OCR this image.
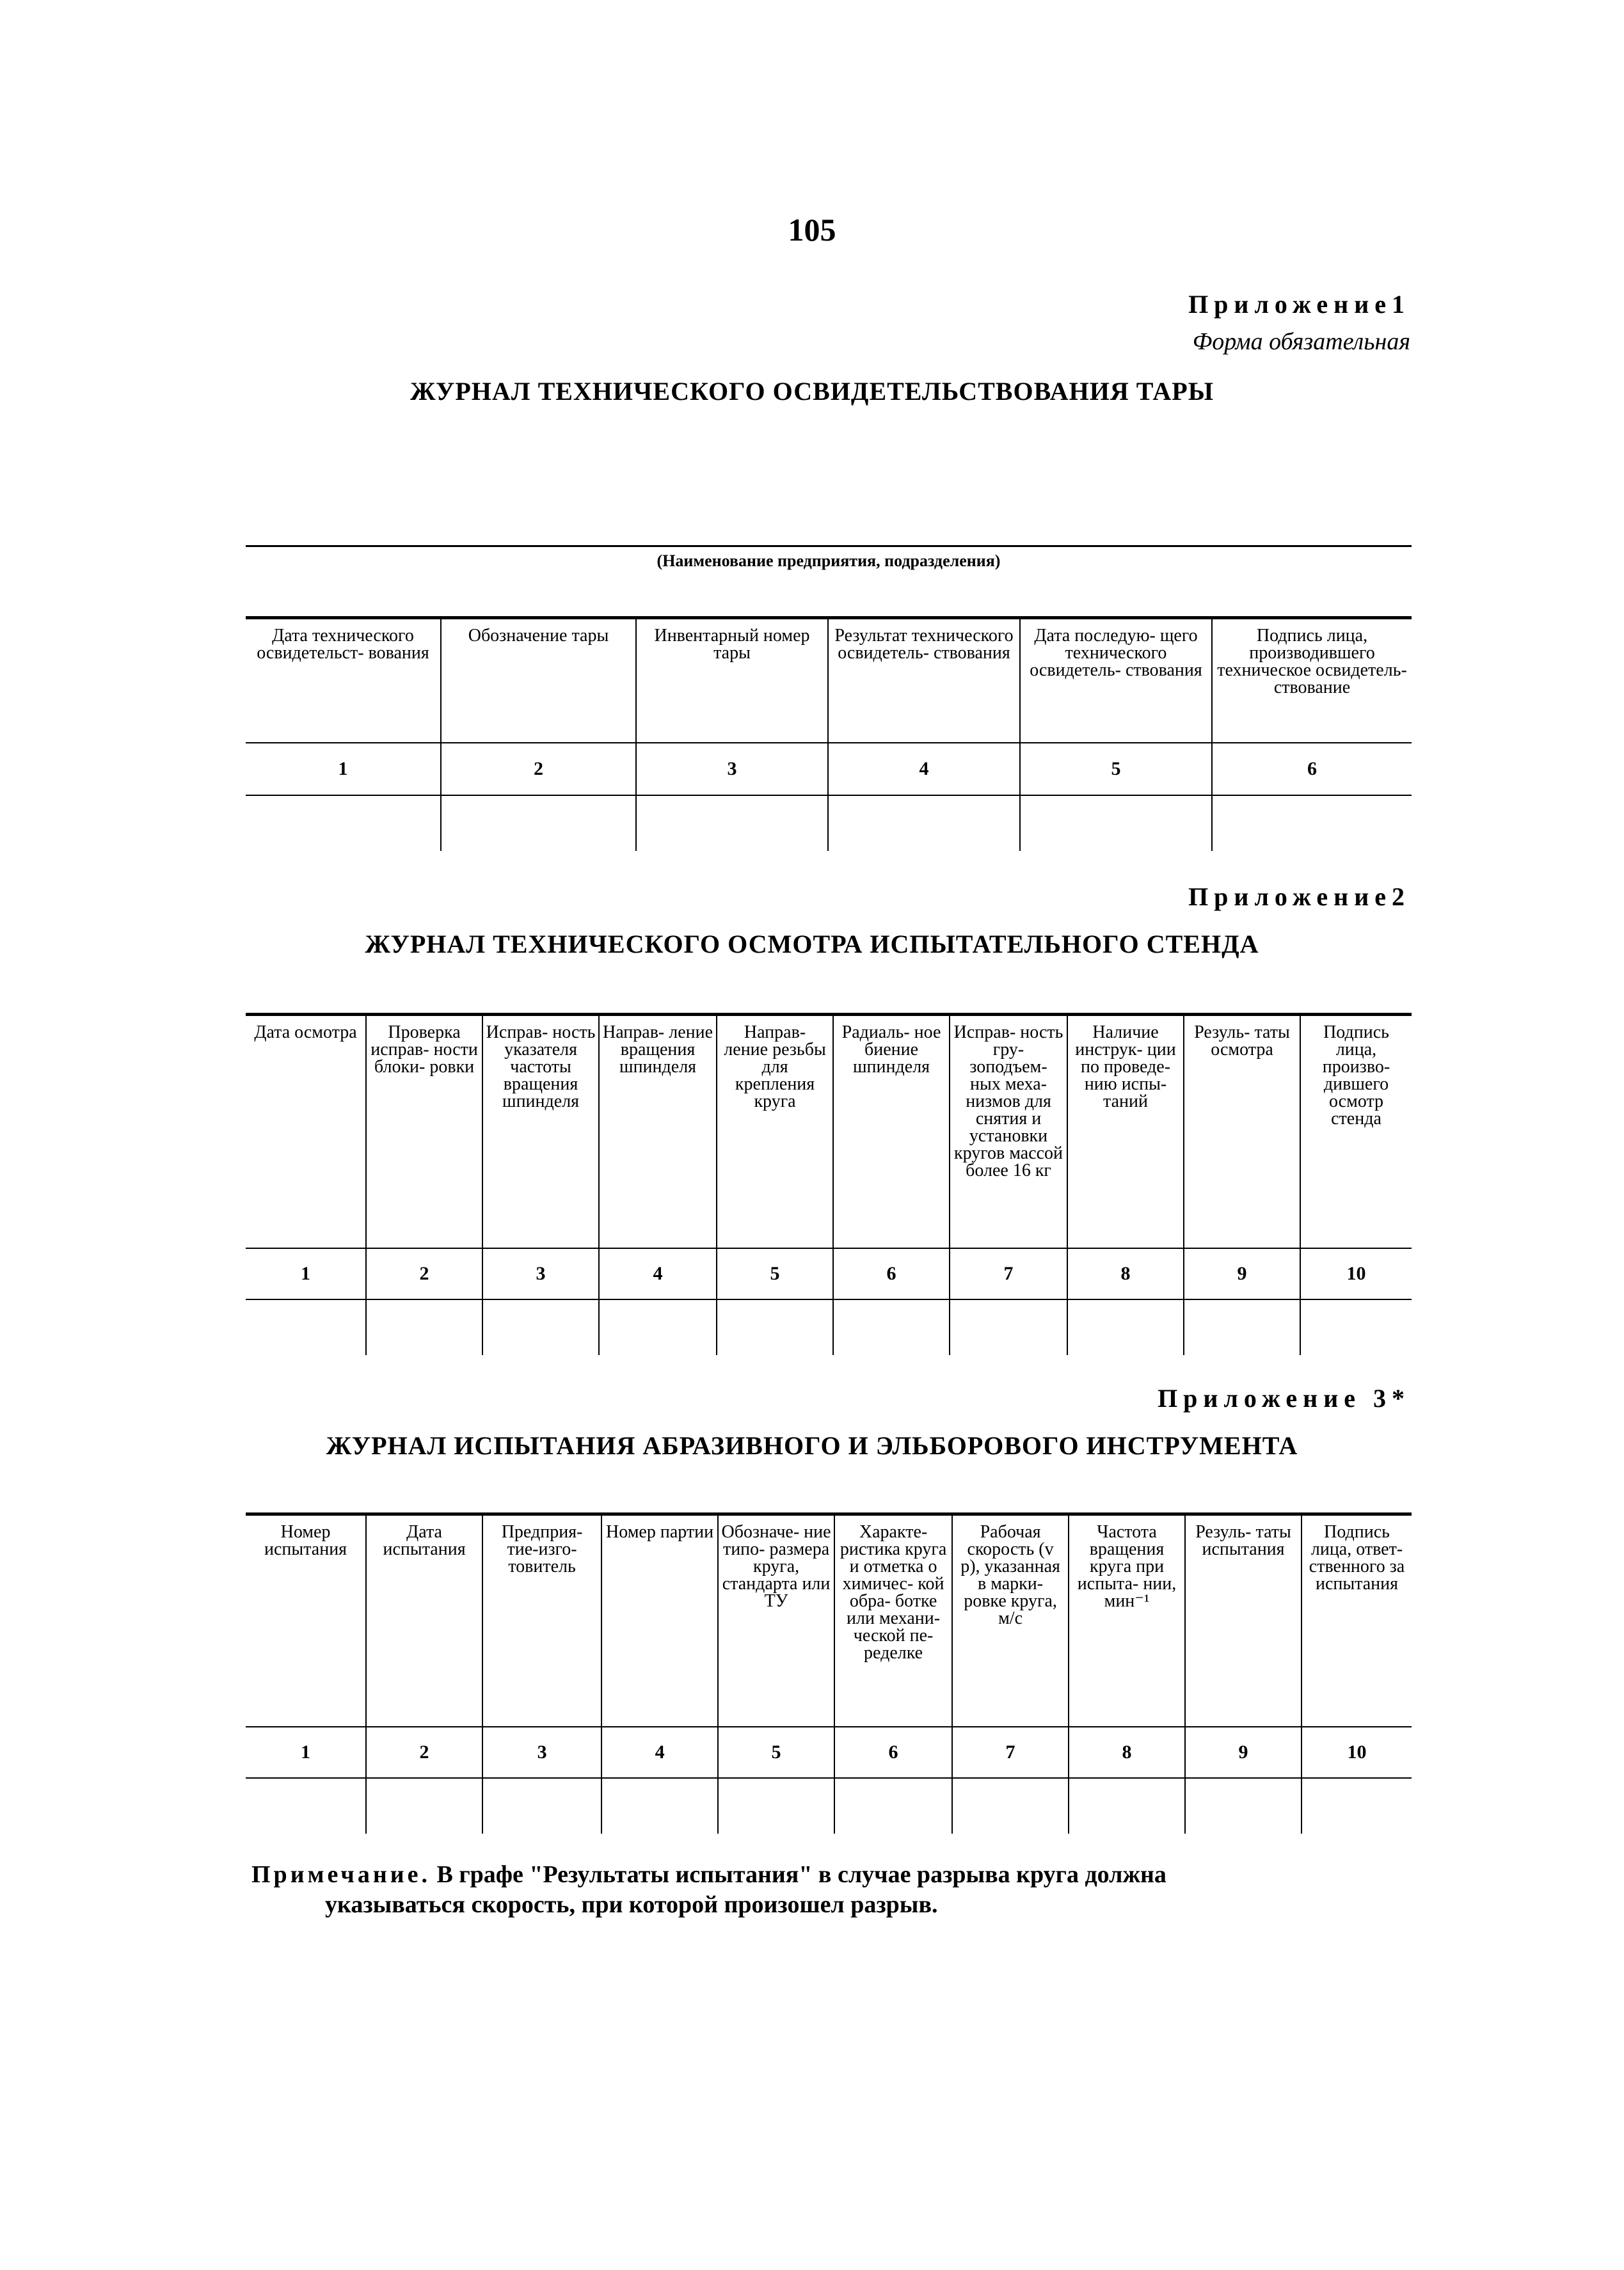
105
Приложение1
Форма обязательная
ЖУРНАЛ ТЕХНИЧЕСКОГО ОСВИДЕТЕЛЬСТВОВАНИЯ ТАРЫ
(Наименование предприятия, подразделения)
Дата технического освидетельст- вования	Обозначение тары	Инвентарный номер тары	Результат технического освидетель- ствования	Дата последую- щего технического освидетель- ствования	Подпись лица, производившего техническое освидетель- ствование
1	2	3	4	5	6

Приложение2
ЖУРНАЛ ТЕХНИЧЕСКОГО ОСМОТРА ИСПЫТАТЕЛЬНОГО СТЕНДА
Дата осмотра	Проверка исправ- ности блоки- ровки	Исправ- ность указателя частоты вращения шпинделя	Направ- ление вращения шпинделя	Направ- ление резьбы для крепления круга	Радиаль- ное биение шпинделя	Исправ- ность гру- зоподъем- ных меха- низмов для снятия и установки кругов массой более 16 кг	Наличие инструк- ции по проведе- нию испы- таний	Резуль- таты осмотра	Подпись лица, произво- дившего осмотр стенда
1	2	3	4	5	6	7	8	9	10

Приложение 3*
ЖУРНАЛ ИСПЫТАНИЯ АБРАЗИВНОГО И ЭЛЬБОРОВОГО ИНСТРУМЕНТА
Номер испытания	Дата испытания	Предприя- тие-изго- товитель	Номер партии	Обозначе- ние типо- размера круга, стандарта или ТУ	Характе- ристика круга и отметка о химичес- кой обра- ботке или механи- ческой пе- ределке	Рабочая скорость (v р), указанная в марки- ровке круга, м/с	Частота вращения круга при испыта- нии, мин⁻¹	Резуль- таты испытания	Подпись лица, ответ- ственного за испытания
1	2	3	4	5	6	7	8	9	10

Примечание. В графе "Результаты испытания" в случае разрыва круга должна
указываться скорость, при которой произошел разрыв.
